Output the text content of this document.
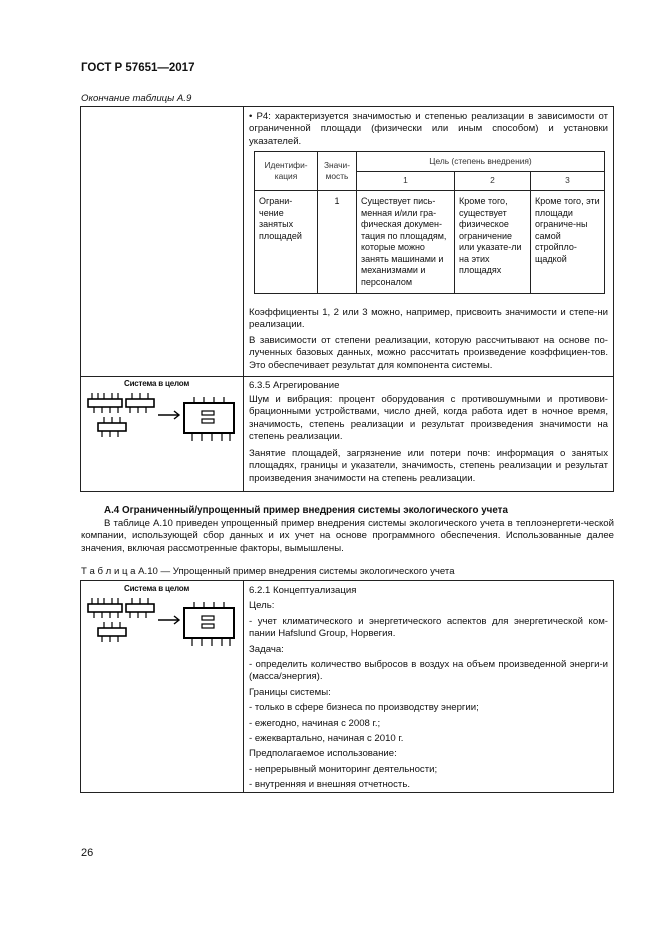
ГОСТ Р 57651—2017
Окончание таблицы А.9
• Р4: характеризуется значимостью и степенью реализации в зависимости от ограниченной площади (физически или иным способом) и установки указателей.
Идентифи-кация	Значи-мость	Цель (степень внедрения)		
		1	2	3
Ограни-чение занятых площадей	1	Существует пись-менная и/или гра-фическая докумен-тация по площадям, которые можно занять машинами и механизмами и персоналом	Кроме того, существует физическое ограничение или указате-ли на этих площадях	Кроме того, эти площади ограниче-ны самой стройпло-щадкой
Коэффициенты 1, 2 или 3 можно, например, присвоить значимости и степе-ни реализации.
В зависимости от степени реализации, которую рассчитывают на основе по-лученных базовых данных, можно рассчитать произведение коэффициен-тов. Это обеспечивает результат для компонента системы.
Система в целом	6.3.5 Агрегирование
Шум и вибрация: процент оборудования с противошумными и противови-брационными устройствами, число дней, когда работа идет в ночное время, значимость, степень реализации и результат произведения значимости на степень реализации.
Занятие площадей, загрязнение или потери почв: информация о занятых площадях, границы и указатели, значимость, степень реализации и результат произведения значимости на степень реализации.
А.4 Ограниченный/упрощенный пример внедрения системы экологического учета
В таблице А.10 приведен упрощенный пример внедрения системы экологического учета в теплоэнергети-ческой компании, использующей сбор данных и их учет на основе программного обеспечения. Использованные далее значения, включая рассмотренные факторы, вымышлены.
Т а б л и ц а А.10 — Упрощенный пример внедрения системы экологического учета
Система в целом	6.2.1 Концептуализация
Цель:
- учет климатического и энергетического аспектов для энергетической ком-пании Hafslund Group, Норвегия.
Задача:
- определить количество выбросов в воздух на объем произведенной энерги-и (масса/энергия).
Границы системы:
- только в сфере бизнеса по производству энергии;
- ежегодно, начиная с 2008 г.;
- ежеквартально, начиная с 2010 г.
Предполагаемое использование:
- непрерывный мониторинг деятельности;
- внутренняя и внешняя отчетность.
26
